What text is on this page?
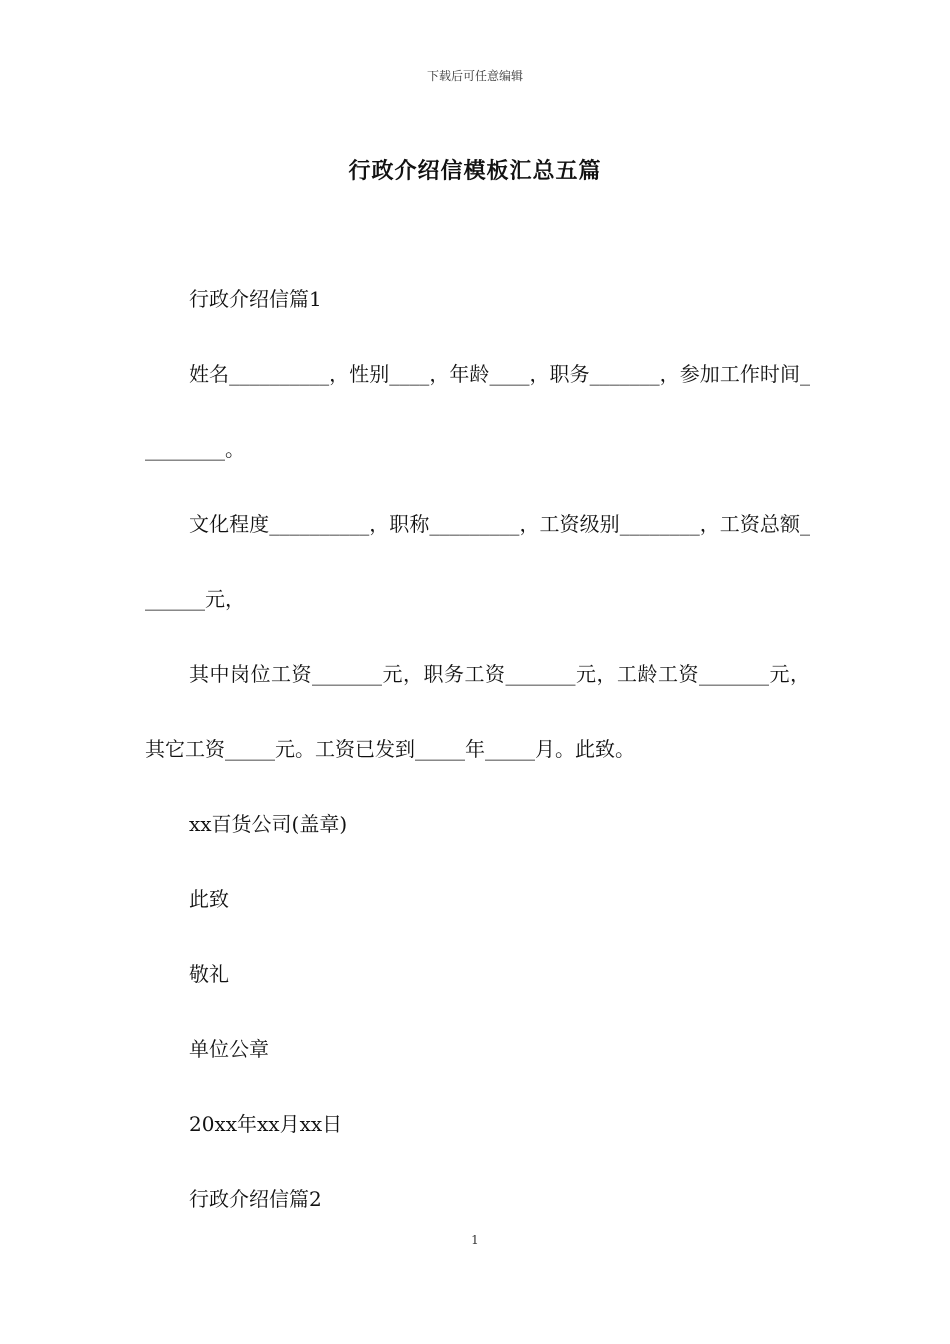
下载后可任意编辑
行政介绍信模板汇总五篇

行政介绍信篇1

姓名__________，性别____，年龄____，职务_______，参加工作时间_________。

文化程度__________，职称_________，工资级别________，工资总额_______元，

其中岗位工资_______元，职务工资_______元，工龄工资_______元，其它工资_____元。工资已发到_____年_____月。此致。

xx百货公司(盖章)

此致

敬礼

单位公章

20xx年xx月xx日

行政介绍信篇2

1
